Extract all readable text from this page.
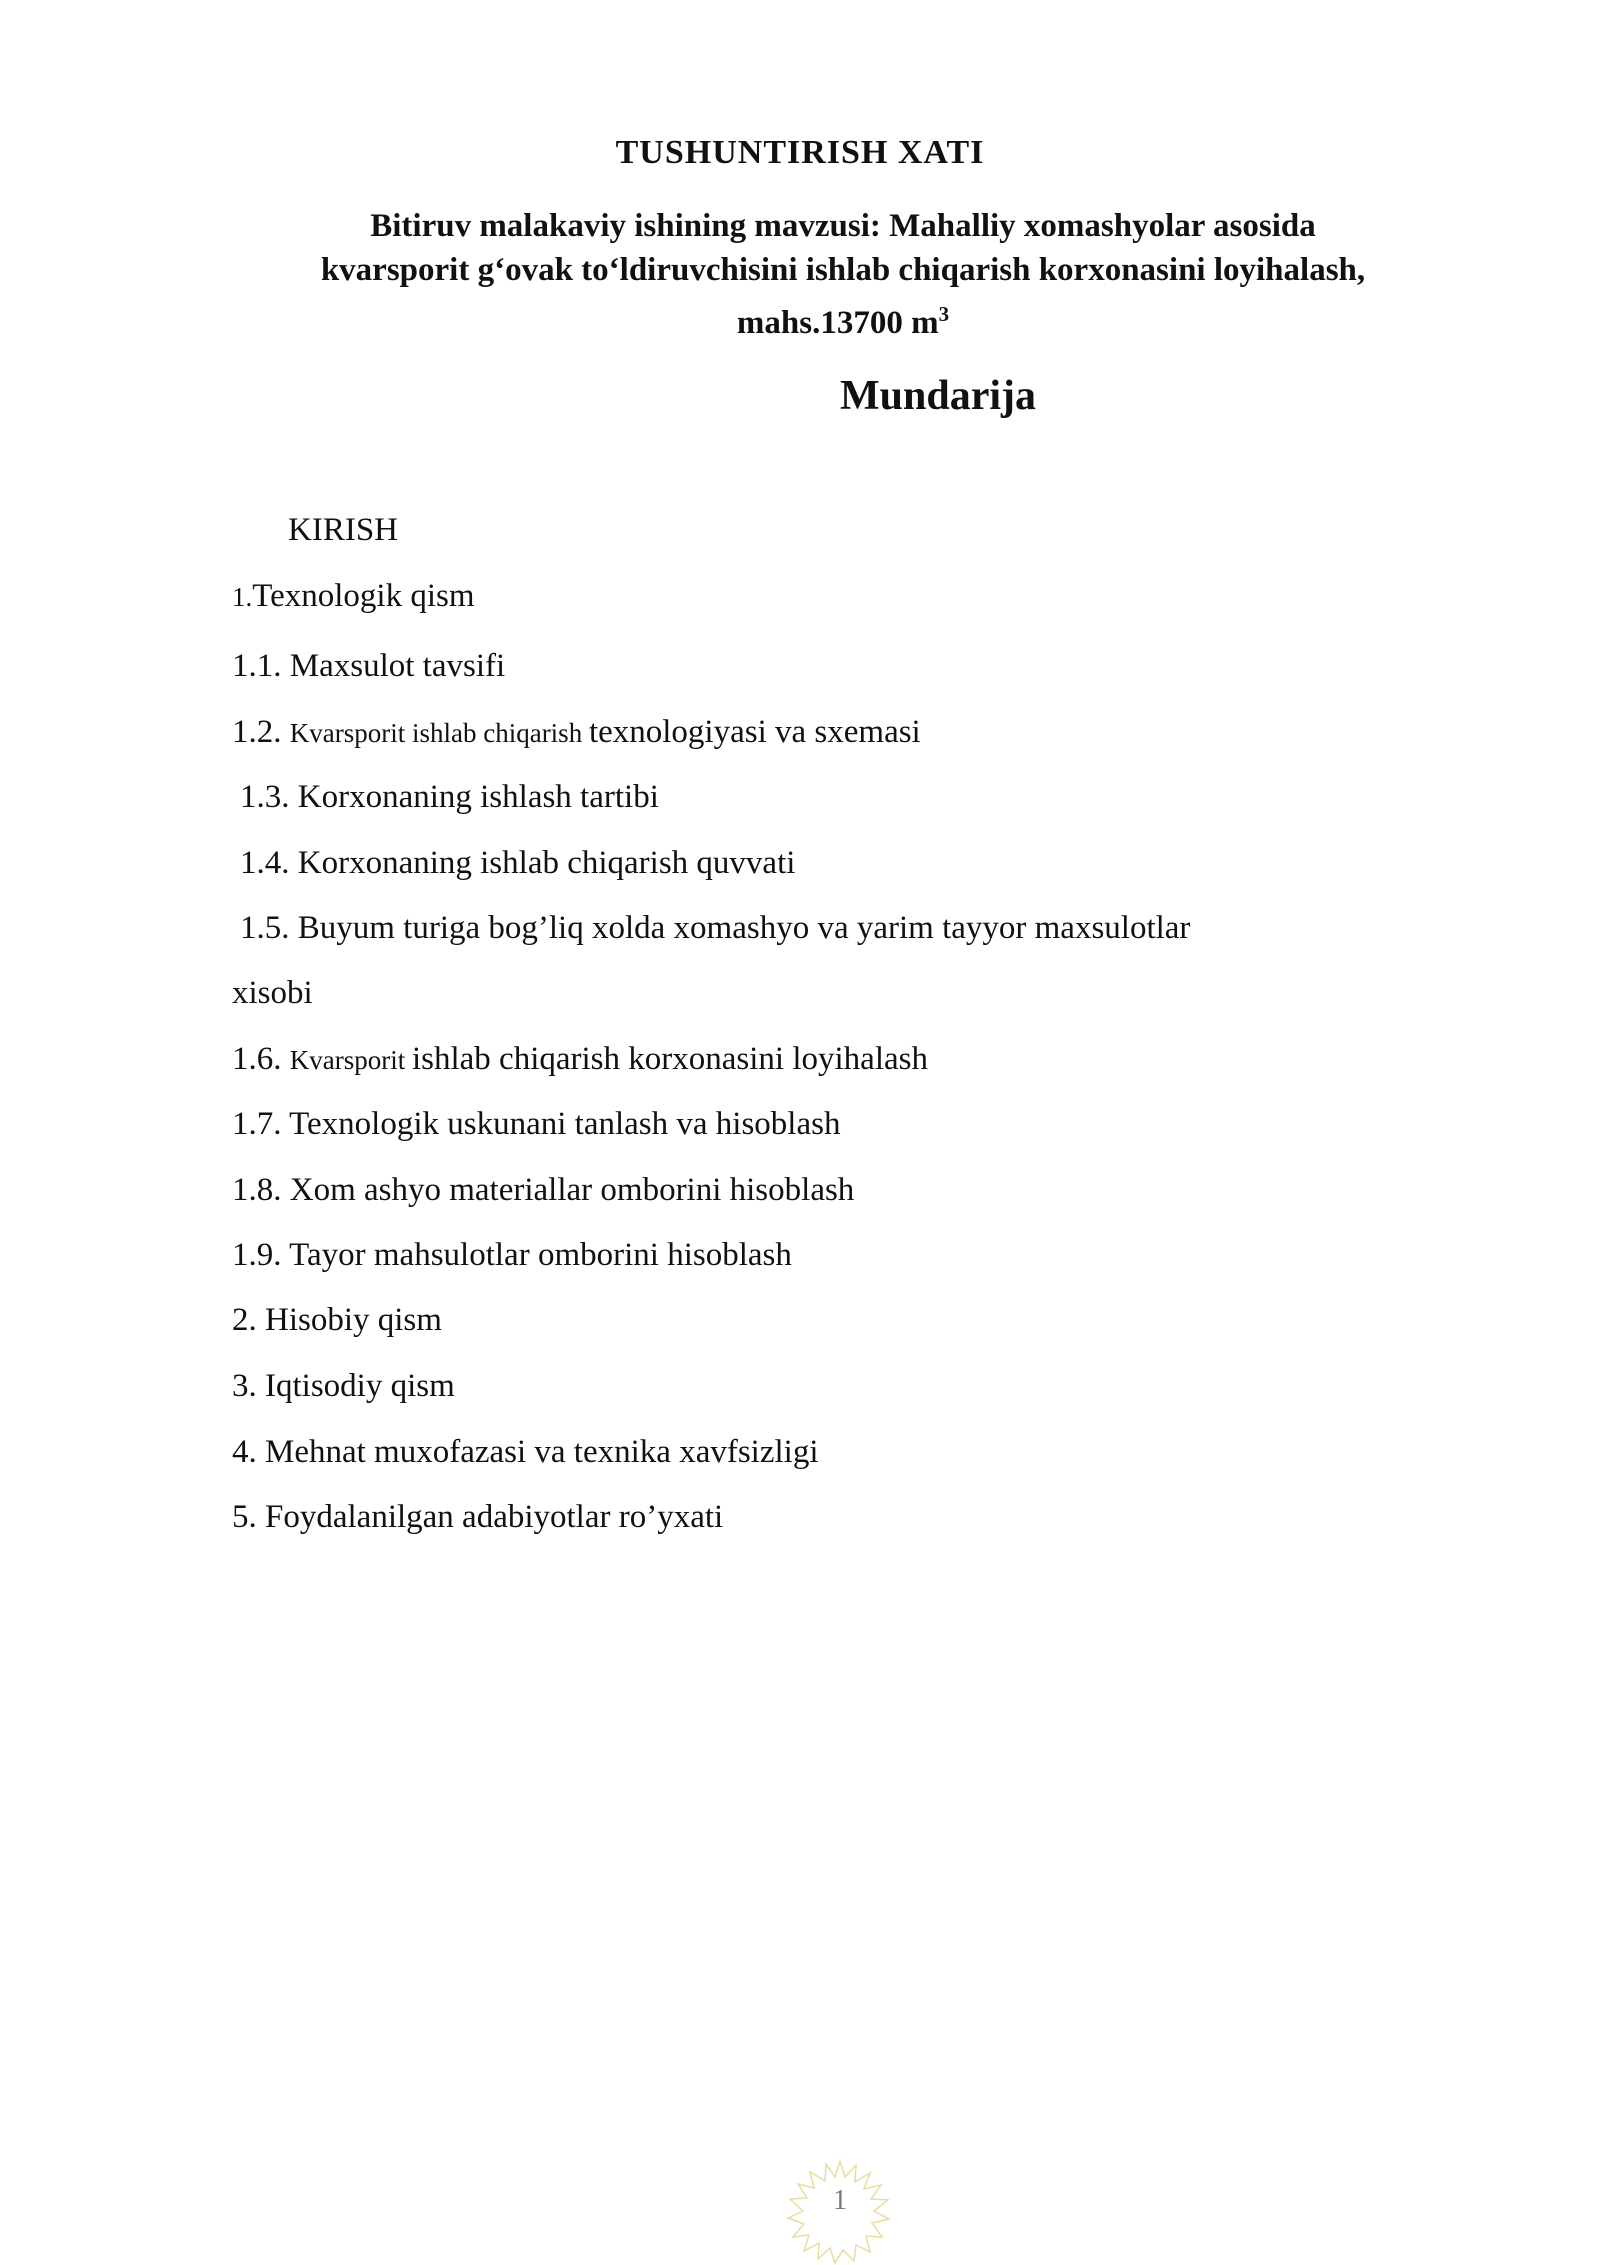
TUSHUNTIRISH XATI
Bitiruv malakaviy ishining mavzusi: Mahalliy xomashyolar asosida
kvarsporit g‘ovak to‘ldiruvchisini ishlab chiqarish korxonasini loyihalash,
mahs.13700 $m^3$
Mundarija
KIRISH
1.Texnologik qism
1.1. Maxsulot tavsifi
1.2. Kvarsporit ishlab chiqarish texnologiyasi va sxemasi
1.3. Korxonaning ishlash tartibi
1.4. Korxonaning ishlab chiqarish quvvati
1.5. Buyum turiga bog’liq xolda xomashyo va yarim tayyor maxsulotlar
xisobi
1.6. Kvarsporit ishlab chiqarish korxonasini loyihalash
1.7. Texnologik uskunani tanlash va hisoblash
1.8. Xom ashyo materiallar omborini hisoblash
1.9. Tayor mahsulotlar omborini hisoblash
2. Hisobiy qism
3. Iqtisodiy qism
4. Mehnat muxofazasi va texnika xavfsizligi
5. Foydalanilgan adabiyotlar ro’yxati
1
